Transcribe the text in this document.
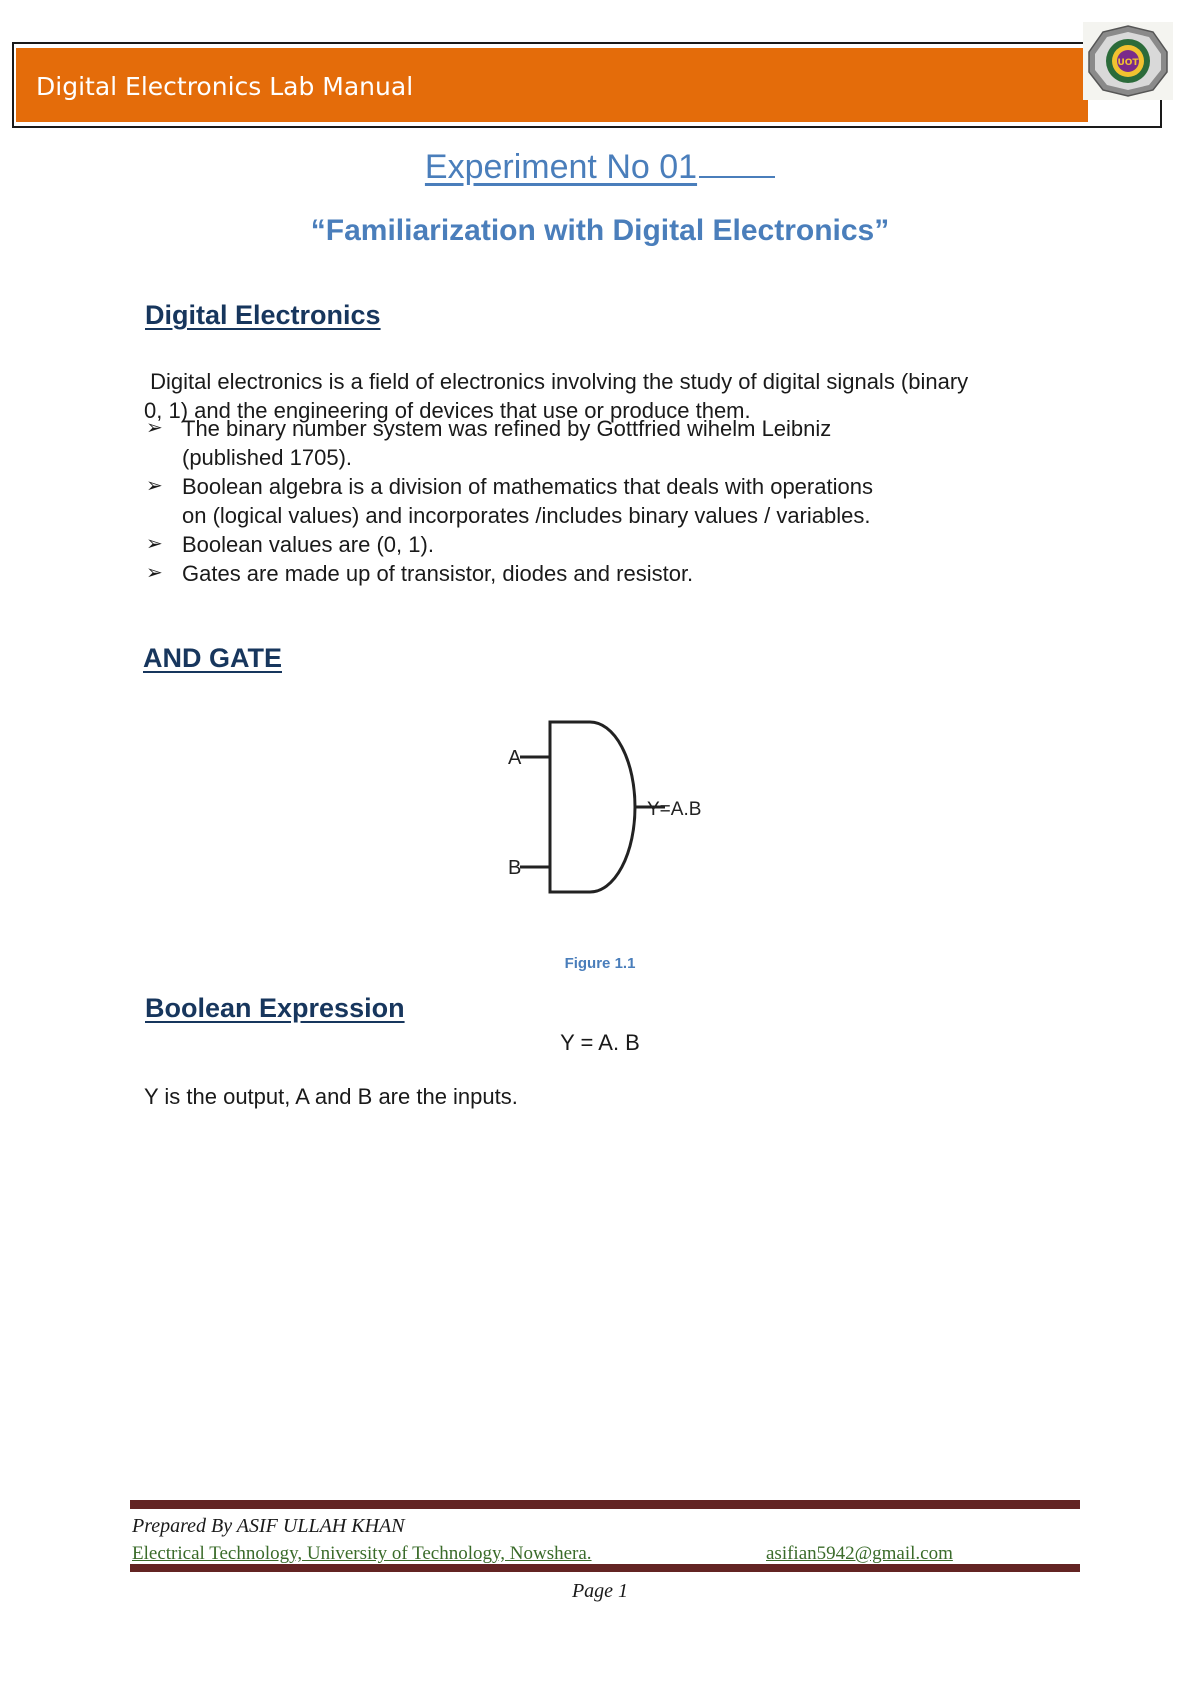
Digital Electronics Lab Manual
UOT
Experiment No 01
“Familiarization with Digital Electronics”
Digital Electronics

Digital electronics is a field of electronics involving the study of digital signals (binary
0, 1) and the engineering of devices that use or produce them.

➢ The binary number system was refined by Gottfried wihelm Leibniz
(published 1705).
➢ Boolean algebra is a division of mathematics that deals with operations
on (logical values) and incorporates /includes binary values / variables.
➢ Boolean values are (0, 1).
➢ Gates are made up of transistor, diodes and resistor.
AND GATE
A
B
Y=A.B
Figure 1.1
Boolean Expression
Y = A. B
Y is the output, A and B are the inputs.
Prepared By ASIF ULLAH KHAN
Electrical Technology, University of Technology, Nowshera.	asifian5942@gmail.com
Page 1
